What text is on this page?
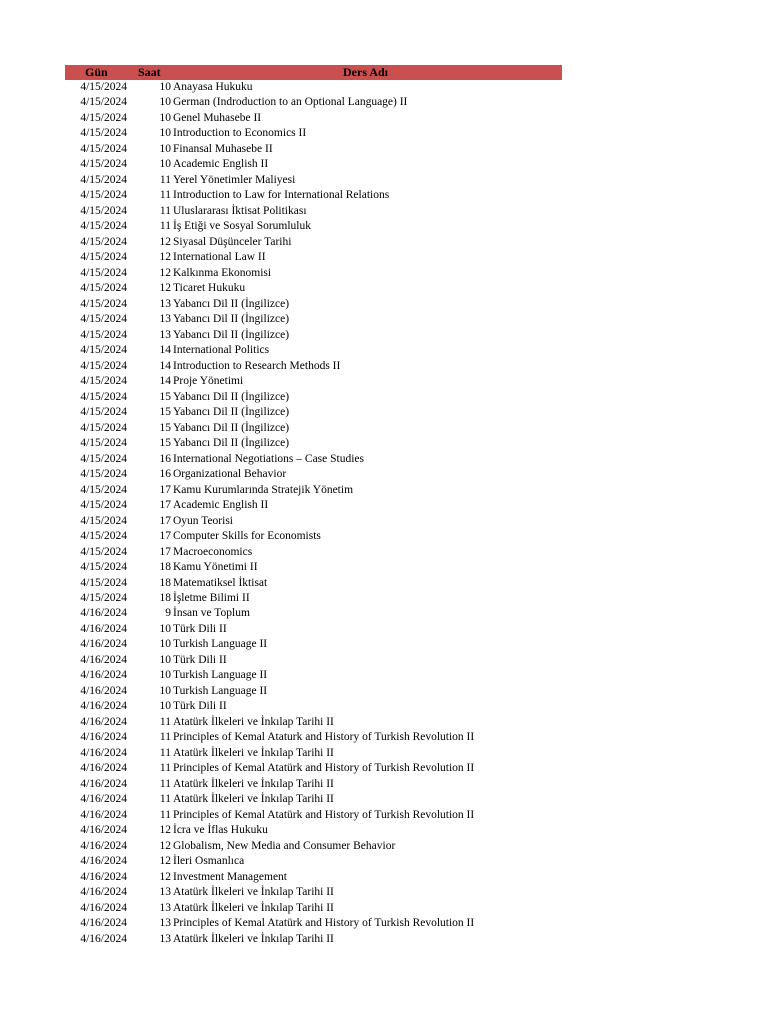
Gün	Saat	Ders Adı
4/15/2024	10 Anayasa Hukuku
4/15/2024	10 German (Indroduction to an Optional Language) II
4/15/2024	10 Genel Muhasebe II
4/15/2024	10 Introduction to Economics II
4/15/2024	10 Finansal Muhasebe II
4/15/2024	10 Academic English II
4/15/2024	11 Yerel Yönetimler Maliyesi
4/15/2024	11 Introduction to Law for International Relations
4/15/2024	11 Uluslararası İktisat Politikası
4/15/2024	11 İş Etiği ve Sosyal Sorumluluk
4/15/2024	12 Siyasal Düşünceler Tarihi
4/15/2024	12 International Law II
4/15/2024	12 Kalkınma Ekonomisi
4/15/2024	12 Ticaret Hukuku
4/15/2024	13 Yabancı Dil II (İngilizce)
4/15/2024	13 Yabancı Dil II (İngilizce)
4/15/2024	13 Yabancı Dil II (İngilizce)
4/15/2024	14 International Politics
4/15/2024	14 Introduction to Research Methods II
4/15/2024	14 Proje Yönetimi
4/15/2024	15 Yabancı Dil II (İngilizce)
4/15/2024	15 Yabancı Dil II (İngilizce)
4/15/2024	15 Yabancı Dil II (İngilizce)
4/15/2024	15 Yabancı Dil II (İngilizce)
4/15/2024	16 International Negotiations – Case Studies
4/15/2024	16 Organizational Behavior
4/15/2024	17 Kamu Kurumlarında Stratejik Yönetim
4/15/2024	17 Academic English II
4/15/2024	17 Oyun Teorisi
4/15/2024	17 Computer Skills for Economists
4/15/2024	17 Macroeconomics
4/15/2024	18 Kamu Yönetimi II
4/15/2024	18 Matematiksel İktisat
4/15/2024	18 İşletme Bilimi II
4/16/2024	9 İnsan ve Toplum
4/16/2024	10 Türk Dili II
4/16/2024	10 Turkish Language II
4/16/2024	10 Türk Dili II
4/16/2024	10 Turkish Language II
4/16/2024	10 Turkish Language II
4/16/2024	10 Türk Dili II
4/16/2024	11 Atatürk İlkeleri ve İnkılap Tarihi II
4/16/2024	11 Principles of Kemal Ataturk and History of Turkish Revolution II
4/16/2024	11 Atatürk İlkeleri ve İnkılap Tarihi II
4/16/2024	11 Principles of Kemal Atatürk and History of Turkish Revolution II
4/16/2024	11 Atatürk İlkeleri ve İnkılap Tarihi II
4/16/2024	11 Atatürk İlkeleri ve İnkılap Tarihi II
4/16/2024	11 Principles of Kemal Atatürk and History of Turkish Revolution II
4/16/2024	12 İcra ve İflas Hukuku
4/16/2024	12 Globalism, New Media and Consumer Behavior
4/16/2024	12 İleri Osmanlıca
4/16/2024	12 Investment Management
4/16/2024	13 Atatürk İlkeleri ve İnkılap Tarihi II
4/16/2024	13 Atatürk İlkeleri ve İnkılap Tarihi II
4/16/2024	13 Principles of Kemal Atatürk and History of Turkish Revolution II
4/16/2024	13 Atatürk İlkeleri ve İnkılap Tarihi II
